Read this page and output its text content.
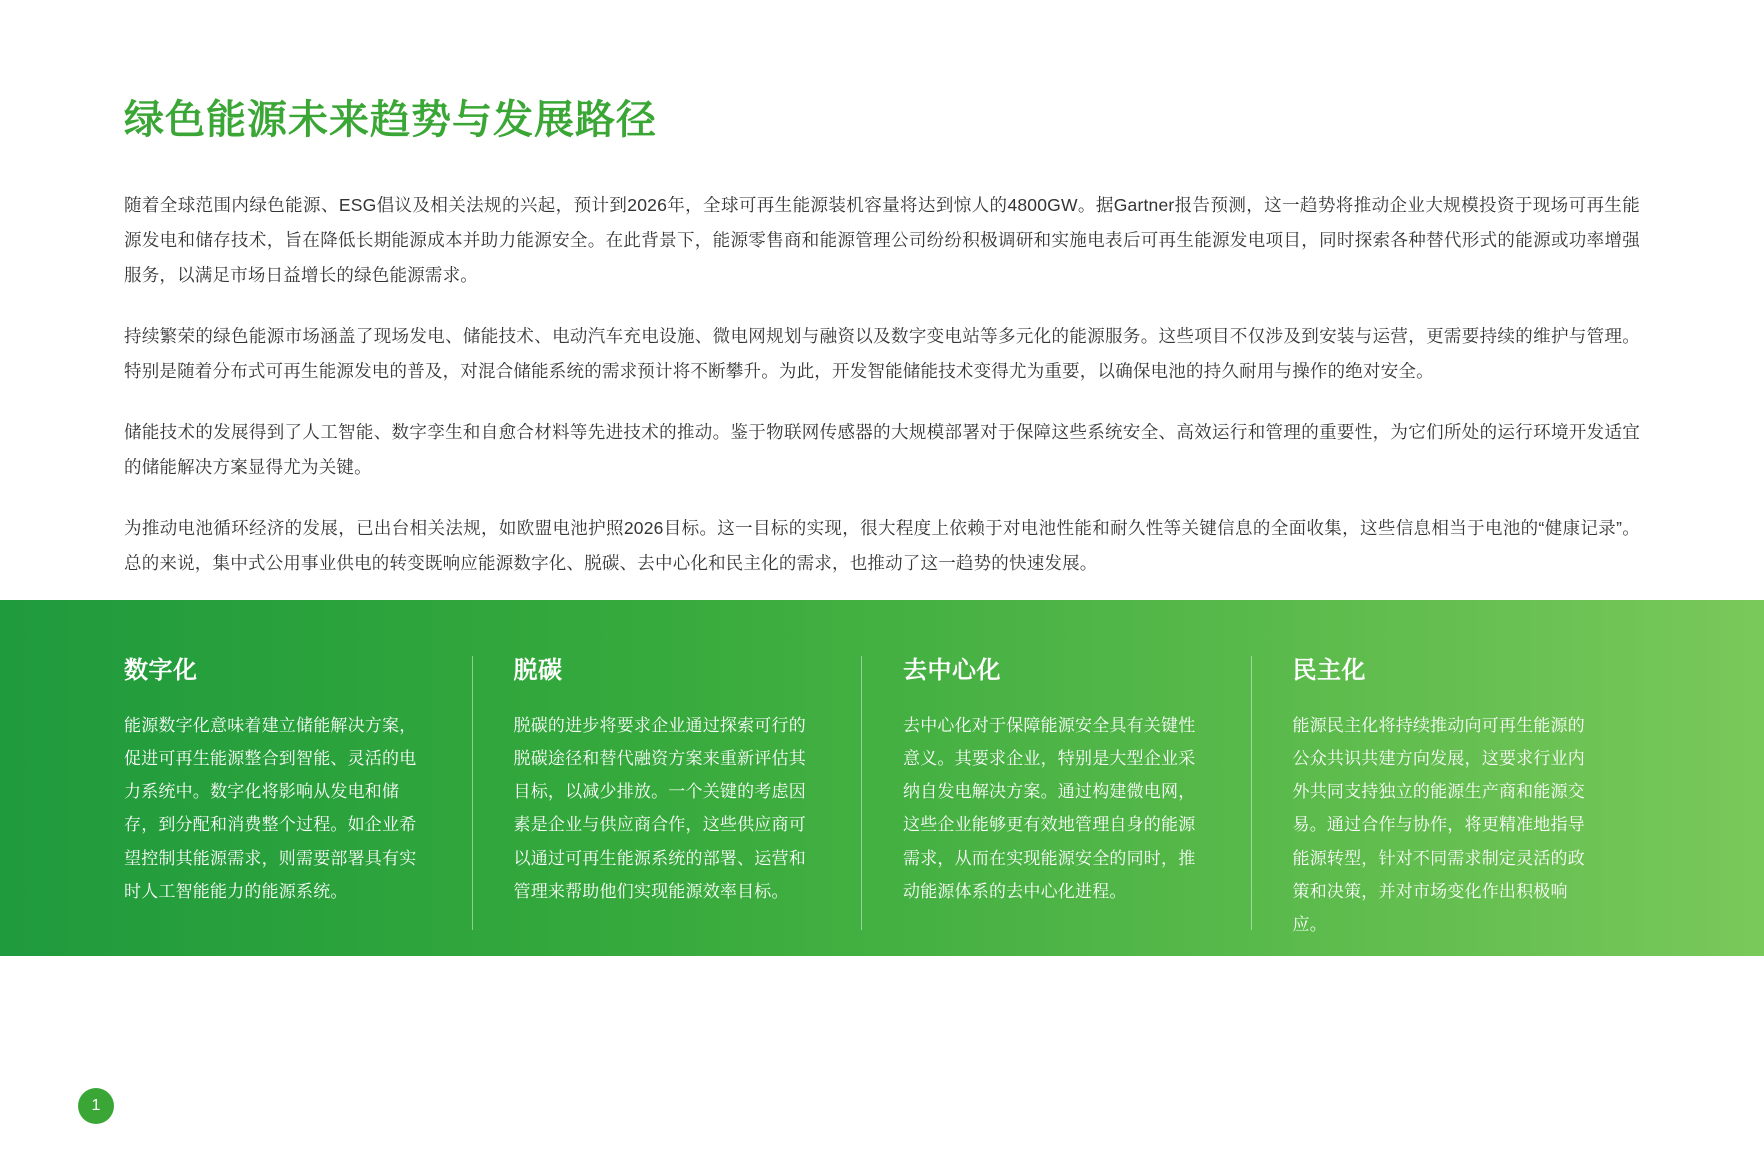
绿色能源未来趋势与发展路径

随着全球范围内绿色能源、ESG倡议及相关法规的兴起，预计到2026年，全球可再生能源装机容量将达到惊人的4800GW。据Gartner报告预测，这一趋势将推动企业大规模投资于现场可再生能源发电和储存技术，旨在降低长期能源成本并助力能源安全。在此背景下，能源零售商和能源管理公司纷纷积极调研和实施电表后可再生能源发电项目，同时探索各种替代形式的能源或功率增强服务，以满足市场日益增长的绿色能源需求。

持续繁荣的绿色能源市场涵盖了现场发电、储能技术、电动汽车充电设施、微电网规划与融资以及数字变电站等多元化的能源服务。这些项目不仅涉及到安装与运营，更需要持续的维护与管理。特别是随着分布式可再生能源发电的普及，对混合储能系统的需求预计将不断攀升。为此，开发智能储能技术变得尤为重要，以确保电池的持久耐用与操作的绝对安全。

储能技术的发展得到了人工智能、数字孪生和自愈合材料等先进技术的推动。鉴于物联网传感器的大规模部署对于保障这些系统安全、高效运行和管理的重要性，为它们所处的运行环境开发适宜的储能解决方案显得尤为关键。

为推动电池循环经济的发展，已出台相关法规，如欧盟电池护照2026目标。这一目标的实现，很大程度上依赖于对电池性能和耐久性等关键信息的全面收集，这些信息相当于电池的“健康记录”。总的来说，集中式公用事业供电的转变既响应能源数字化、脱碳、去中心化和民主化的需求，也推动了这一趋势的快速发展。

数字化

能源数字化意味着建立储能解决方案，促进可再生能源整合到智能、灵活的电力系统中。数字化将影响从发电和储存，到分配和消费整个过程。如企业希望控制其能源需求，则需要部署具有实时人工智能能力的能源系统。

脱碳

脱碳的进步将要求企业通过探索可行的脱碳途径和替代融资方案来重新评估其目标，以减少排放。一个关键的考虑因素是企业与供应商合作，这些供应商可以通过可再生能源系统的部署、运营和管理来帮助他们实现能源效率目标。

去中心化

去中心化对于保障能源安全具有关键性意义。其要求企业，特别是大型企业采纳自发电解决方案。通过构建微电网，这些企业能够更有效地管理自身的能源需求，从而在实现能源安全的同时，推动能源体系的去中心化进程。

民主化

能源民主化将持续推动向可再生能源的公众共识共建方向发展，这要求行业内外共同支持独立的能源生产商和能源交易。通过合作与协作，将更精准地指导能源转型，针对不同需求制定灵活的政策和决策，并对市场变化作出积极响应。

1
